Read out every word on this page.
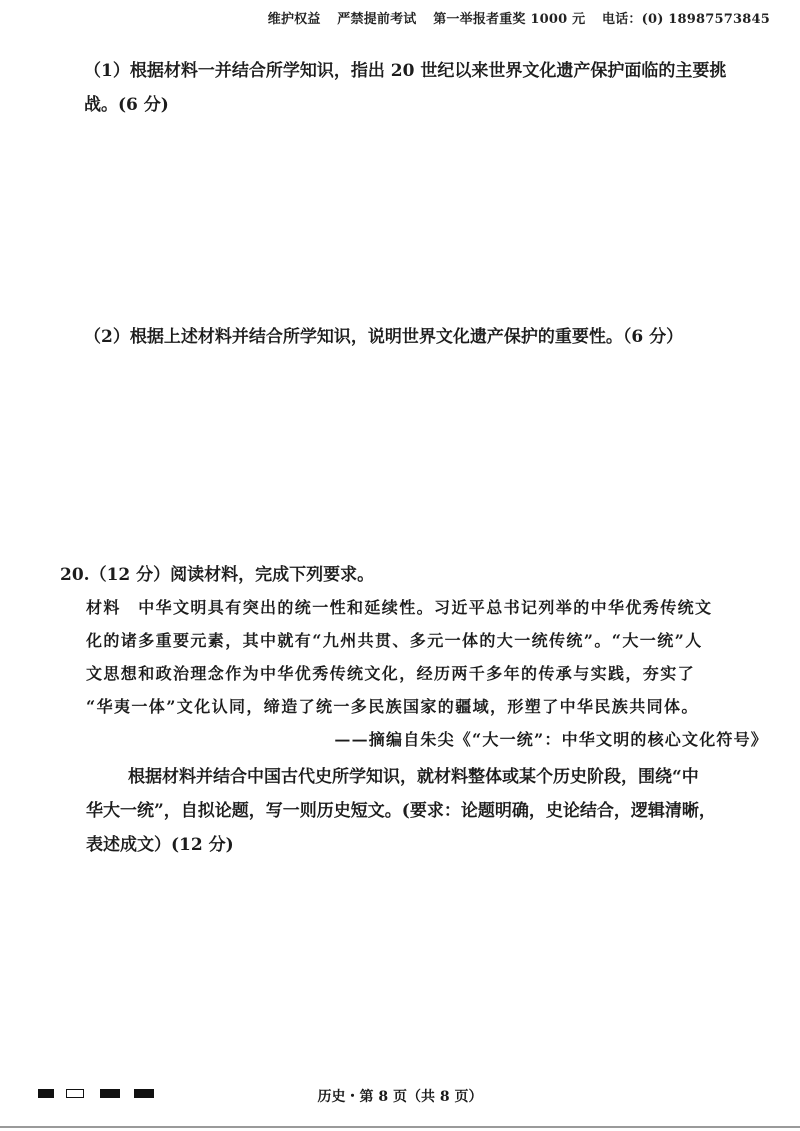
维护权益 严禁提前考试 第一举报者重奖 1000 元 电话：(0) 18987573845
（1）根据材料一并结合所学知识，指出 20 世纪以来世界文化遗产保护面临的主要挑
战。(6 分)
（2）根据上述材料并结合所学知识，说明世界文化遗产保护的重要性。（6 分）
20.（12 分）阅读材料，完成下列要求。
材料　中华文明具有突出的统一性和延续性。习近平总书记列举的中华优秀传统文
化的诸多重要元素，其中就有“九州共贯、多元一体的大一统传统”。“大一统”人
文思想和政治理念作为中华优秀传统文化，经历两千多年的传承与实践，夯实了
“华夷一体”文化认同，缔造了统一多民族国家的疆域，形塑了中华民族共同体。
——摘编自朱尖《“大一统”：中华文明的核心文化符号》
根据材料并结合中国古代史所学知识，就材料整体或某个历史阶段，围绕“中
华大一统”，自拟论题，写一则历史短文。(要求：论题明确，史论结合，逻辑清晰，
表述成文）(12 分)
历史・第 8 页（共 8 页）
